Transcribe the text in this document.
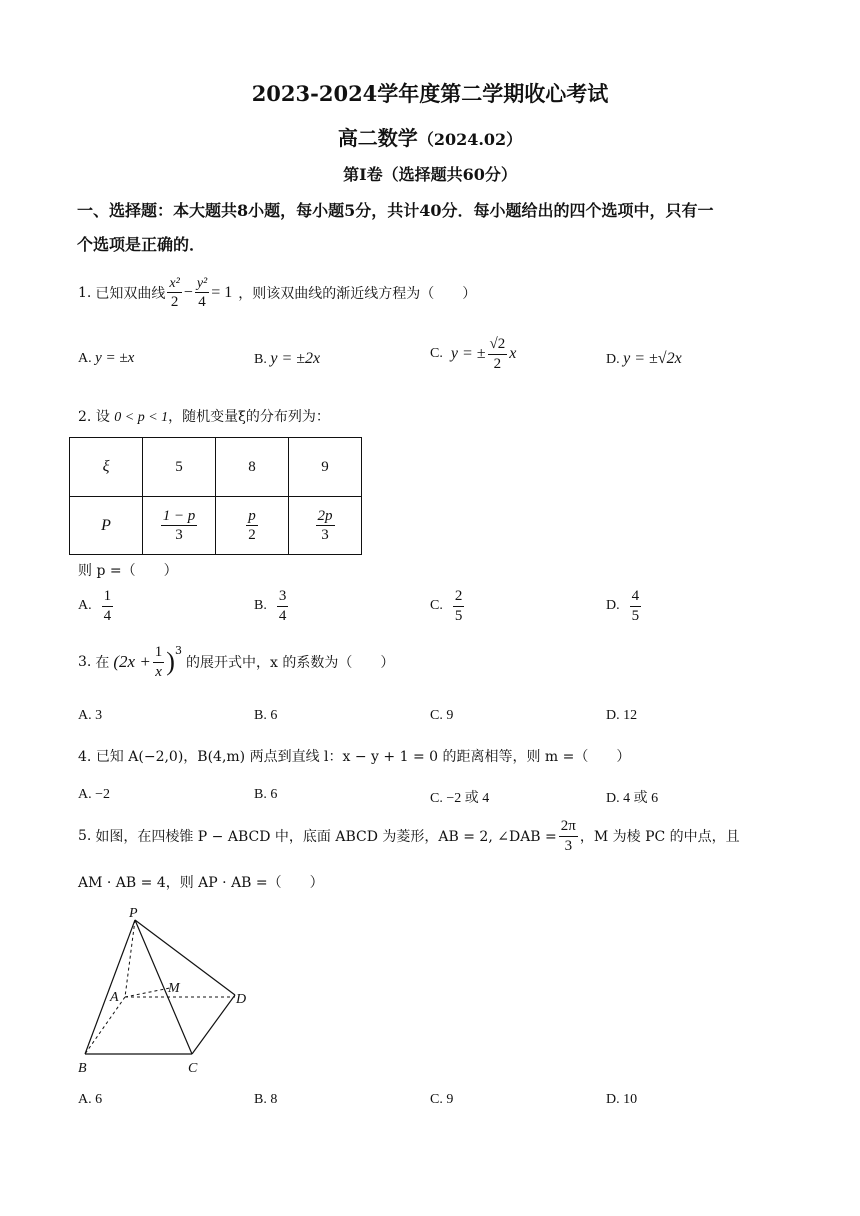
2023-2024学年度第二学期收心考试
高二数学（2024.02）
第Ⅰ卷（选择题共60分）
一、选择题：本大题共8小题，每小题5分，共计40分．每小题给出的四个选项中，只有一
个选项是正确的．
1. 已知双曲线 $\frac{\text{x²}}{2} - \frac{\text{y²}}{4} = 1$ ，则该双曲线的渐近线方程为（　　）
A. y = ±x	B. y = ±2x	C. y = ± $\frac{√2}{2}$ x	D. y = ±√2x
2. 设 0 < p < 1，随机变量ξ的分布列为：
ξ	5	8	9
P	$\frac{1 - p}{3}$	$\frac{p}{2}$	$\frac{2p}{3}$
则 p =（　　）
A. $\frac{1}{4}$	B. $\frac{3}{4}$	C. $\frac{2}{5}$	D. $\frac{4}{5}$
3. 在 $(2x + \frac{1}{x} )^3$
的展开式中，x 的系数为（　　）
A. 3	B. 6	C. 9	D. 12
4. 已知 A(−2,0)，B(4,m) 两点到直线 l：x − y + 1 = 0 的距离相等，则 m =（　　）
A. −2	B. 6	C. −2 或 4	D. 4 或 6
5. 如图，在四棱锥 P − ABCD 中，底面 ABCD 为菱形，AB = 2, ∠DAB = $\frac{2\pi}{3}$ ，M 为棱 PC 的中点，且
AM · AB = 4，则 AP · AB =（　　）
P
A
M
D
B	C
A. 6	B. 8	C. 9	D. 10
